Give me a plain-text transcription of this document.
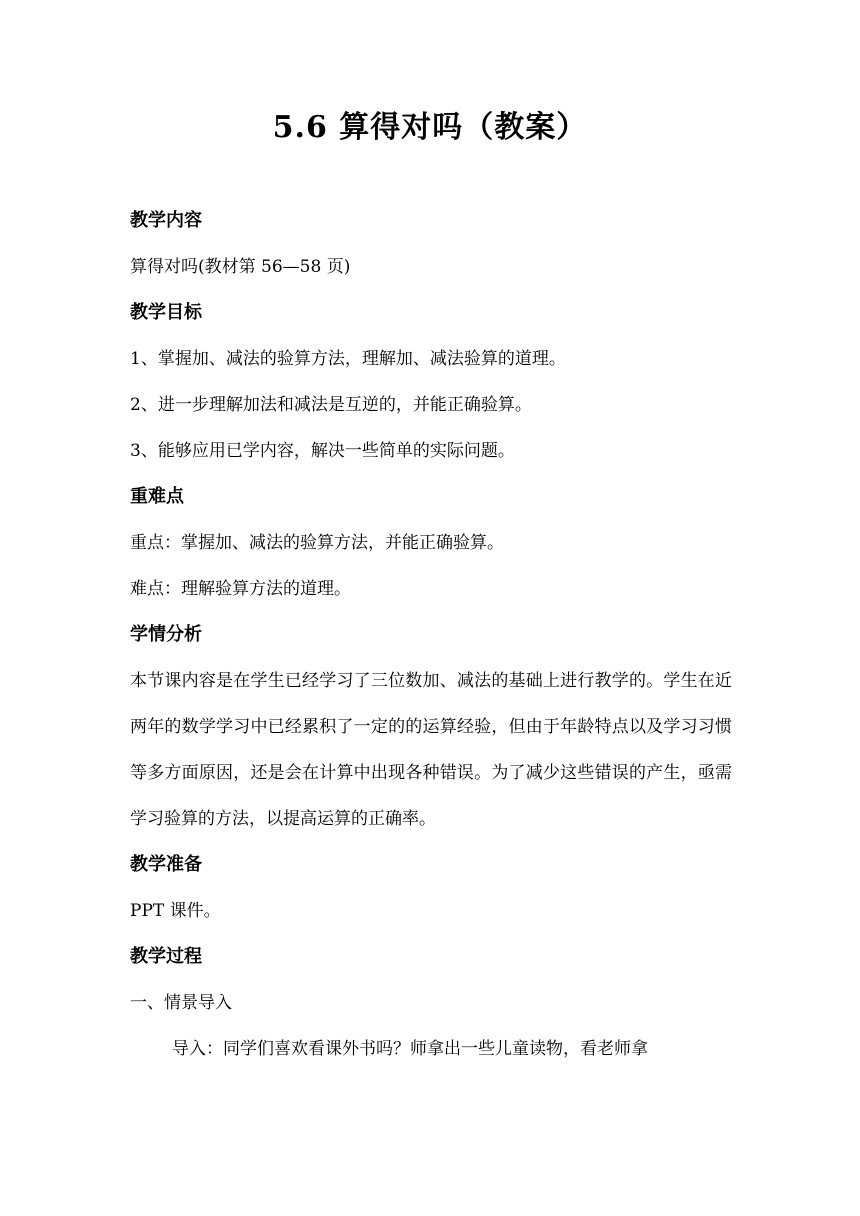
5.6 算得对吗（教案）
教学内容
算得对吗(教材第 56—58 页)
教学目标
1、掌握加、减法的验算方法，理解加、减法验算的道理。
2、进一步理解加法和减法是互逆的，并能正确验算。
3、能够应用已学内容，解决一些简单的实际问题。
重难点
重点：掌握加、减法的验算方法，并能正确验算。
难点：理解验算方法的道理。
学情分析
本节课内容是在学生已经学习了三位数加、减法的基础上进行教学的。学生在近两年的数学学习中已经累积了一定的的运算经验，但由于年龄特点以及学习习惯等多方面原因，还是会在计算中出现各种错误。为了减少这些错误的产生，亟需学习验算的方法，以提高运算的正确率。
教学准备
PPT 课件。
教学过程
一、情景导入
导入：同学们喜欢看课外书吗？师拿出一些儿童读物，看老师拿
